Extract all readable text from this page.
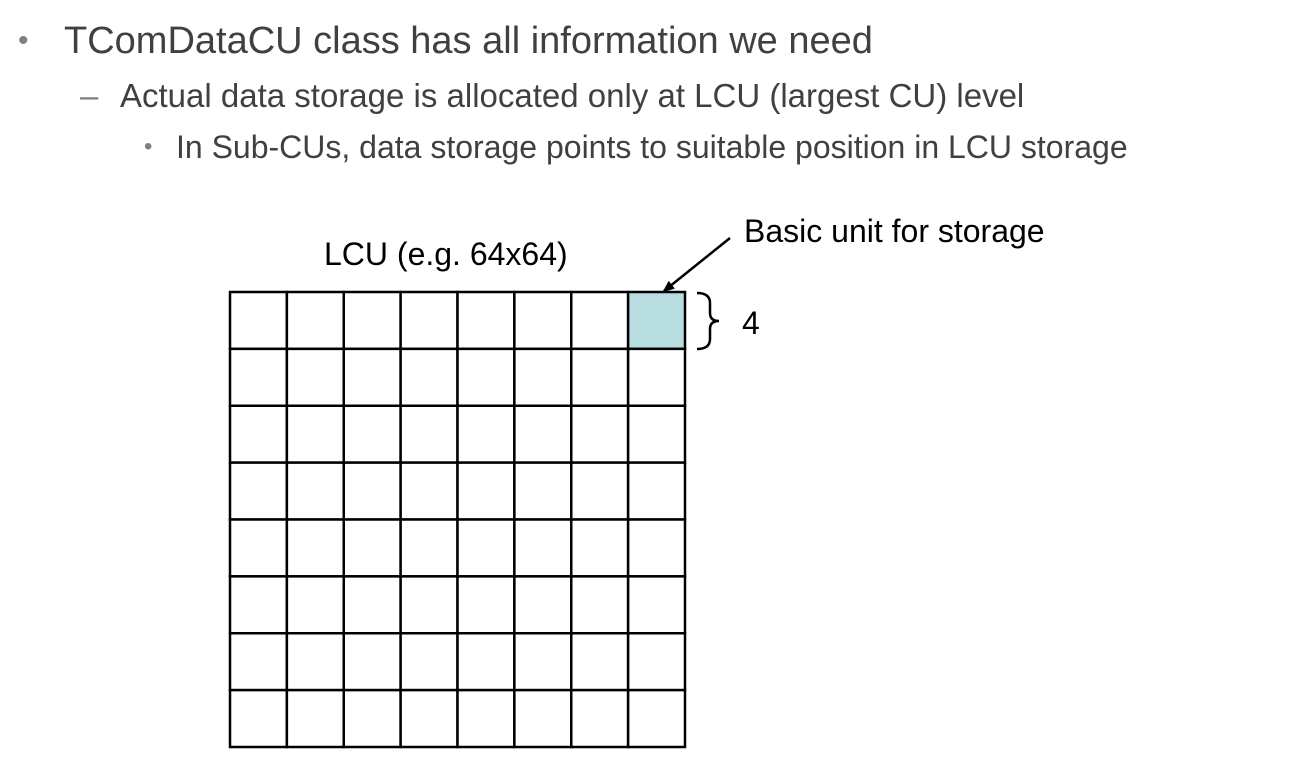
• TComDataCU class has all information we need
– Actual data storage is allocated only at LCU (largest CU) level
• In Sub-CUs, data storage points to suitable position in LCU storage
LCU (e.g. 64x64)
Basic unit for storage
4
